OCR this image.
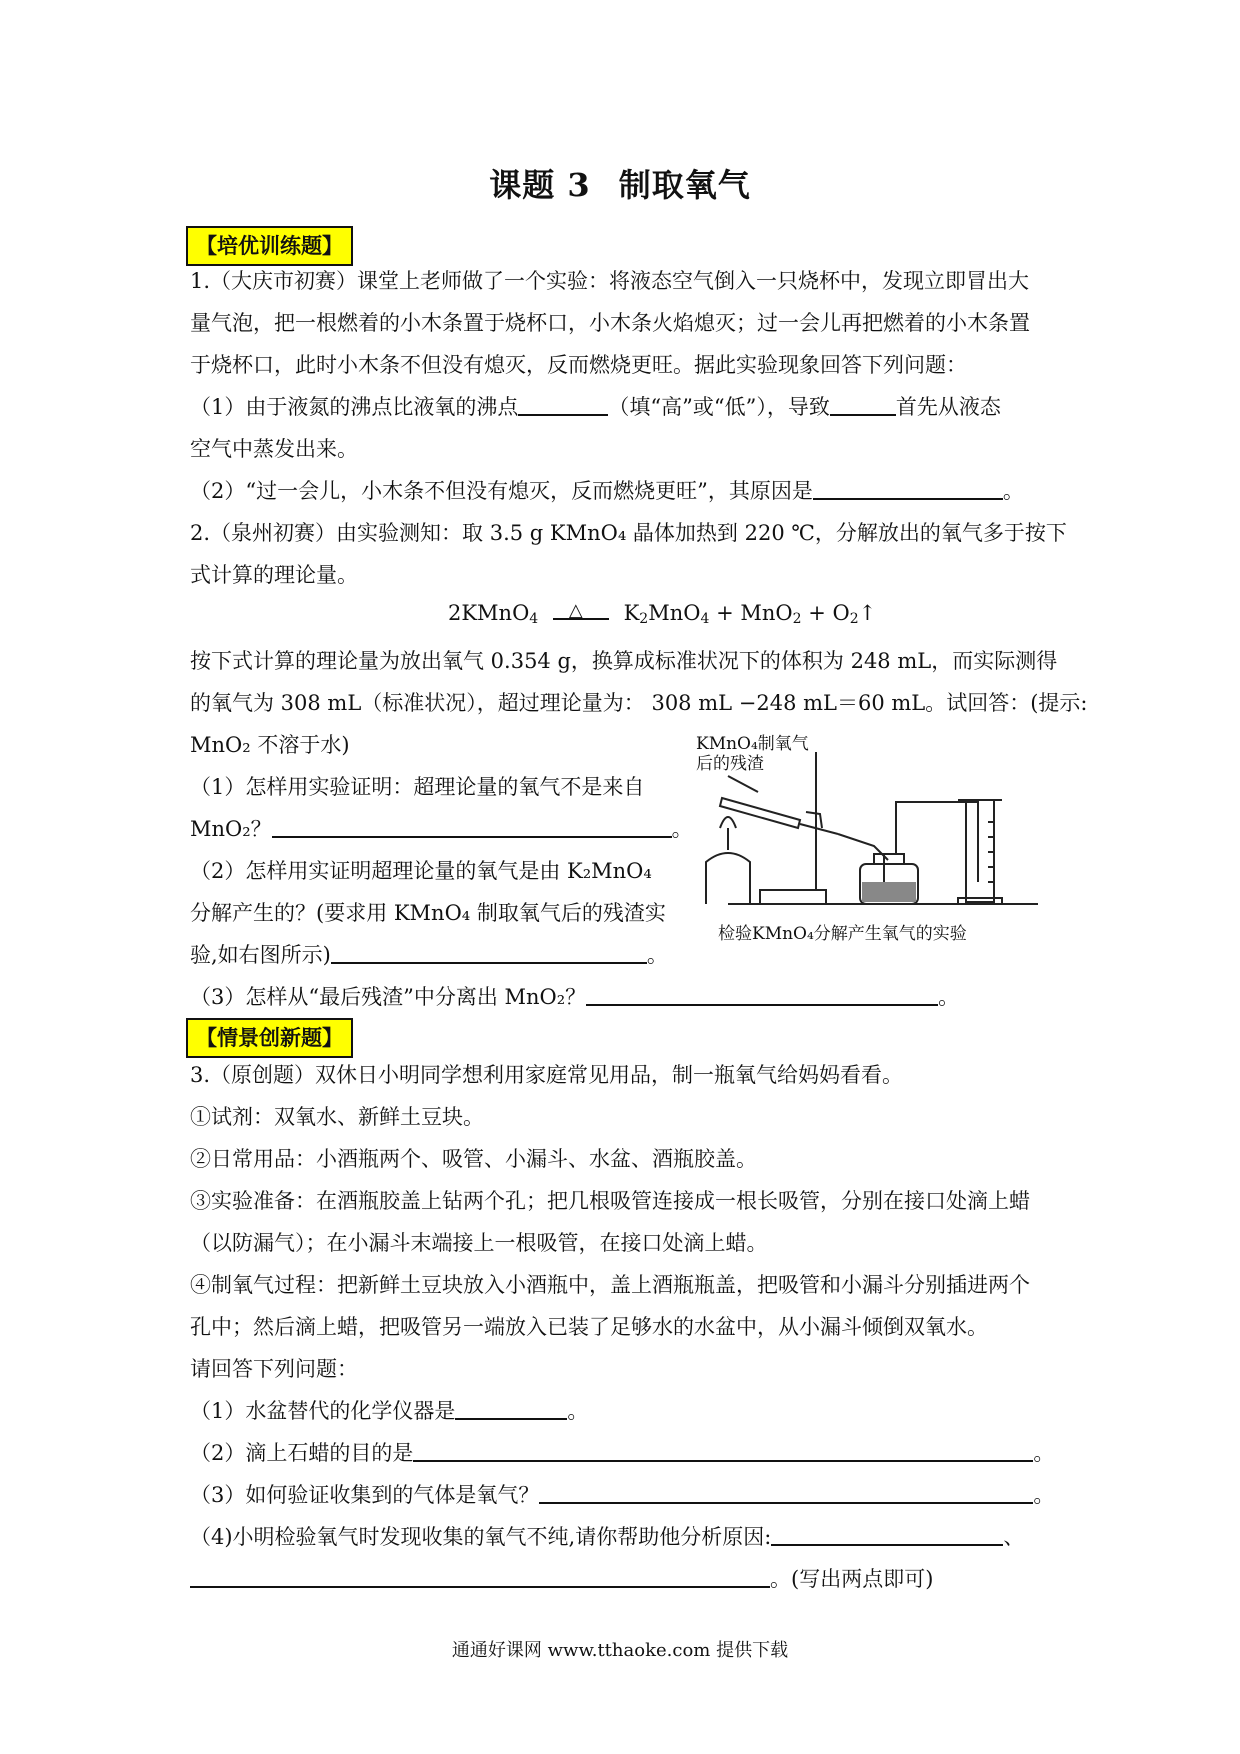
课题 3 制取氧气
【培优训练题】
1.（大庆市初赛）课堂上老师做了一个实验：将液态空气倒入一只烧杯中，发现立即冒出大
量气泡，把一根燃着的小木条置于烧杯口，小木条火焰熄灭；过一会儿再把燃着的小木条置
于烧杯口，此时小木条不但没有熄灭，反而燃烧更旺。据此实验现象回答下列问题：
（1）由于液氮的沸点比液氧的沸点	（填“高”或“低”），导致	首先从液态
空气中蒸发出来。
（2）“过一会儿，小木条不但没有熄灭，反而燃烧更旺”，其原因是	。
2.（泉州初赛）由实验测知：取 3.5 g KMnO₄ 晶体加热到 220 ℃，分解放出的氧气多于按下
式计算的理论量。
2KMnO$_4$ △ $K_2MnO_4 + MnO_2$ + $O_2↑$
按下式计算的理论量为放出氧气 0.354 g，换算成标准状况下的体积为 248 mL，而实际测得
的氧气为 308 mL（标准状况），超过理论量为： 308 mL −248 mL＝60 mL。试回答：(提示:
MnO₂ 不溶于水)
（1）怎样用实验证明：超理论量的氧气不是来自
MnO₂？	。
（2）怎样用实证明超理论量的氧气是由 K₂MnO₄
分解产生的？(要求用 KMnO₄ 制取氧气后的残渣实
验,如右图所示)	。
（3）怎样从“最后残渣”中分离出 MnO₂？	。
KMnO₄制氧气
后的残渣
检验KMnO₄分解产生氧气的实验
【情景创新题】
3.（原创题）双休日小明同学想利用家庭常见用品，制一瓶氧气给妈妈看看。
①试剂：双氧水、新鲜土豆块。
②日常用品：小酒瓶两个、吸管、小漏斗、水盆、酒瓶胶盖。
③实验准备：在酒瓶胶盖上钻两个孔；把几根吸管连接成一根长吸管，分别在接口处滴上蜡
（以防漏气）；在小漏斗末端接上一根吸管，在接口处滴上蜡。
④制氧气过程：把新鲜土豆块放入小酒瓶中，盖上酒瓶瓶盖，把吸管和小漏斗分别插进两个
孔中；然后滴上蜡，把吸管另一端放入已装了足够水的水盆中，从小漏斗倾倒双氧水。
请回答下列问题：
（1）水盆替代的化学仪器是	。
（2）滴上石蜡的目的是	。
（3）如何验证收集到的气体是氧气？	。
（4)小明检验氧气时发现收集的氧气不纯,请你帮助他分析原因:	、
。(写出两点即可)
通通好课网 www.tthaoke.com 提供下载
